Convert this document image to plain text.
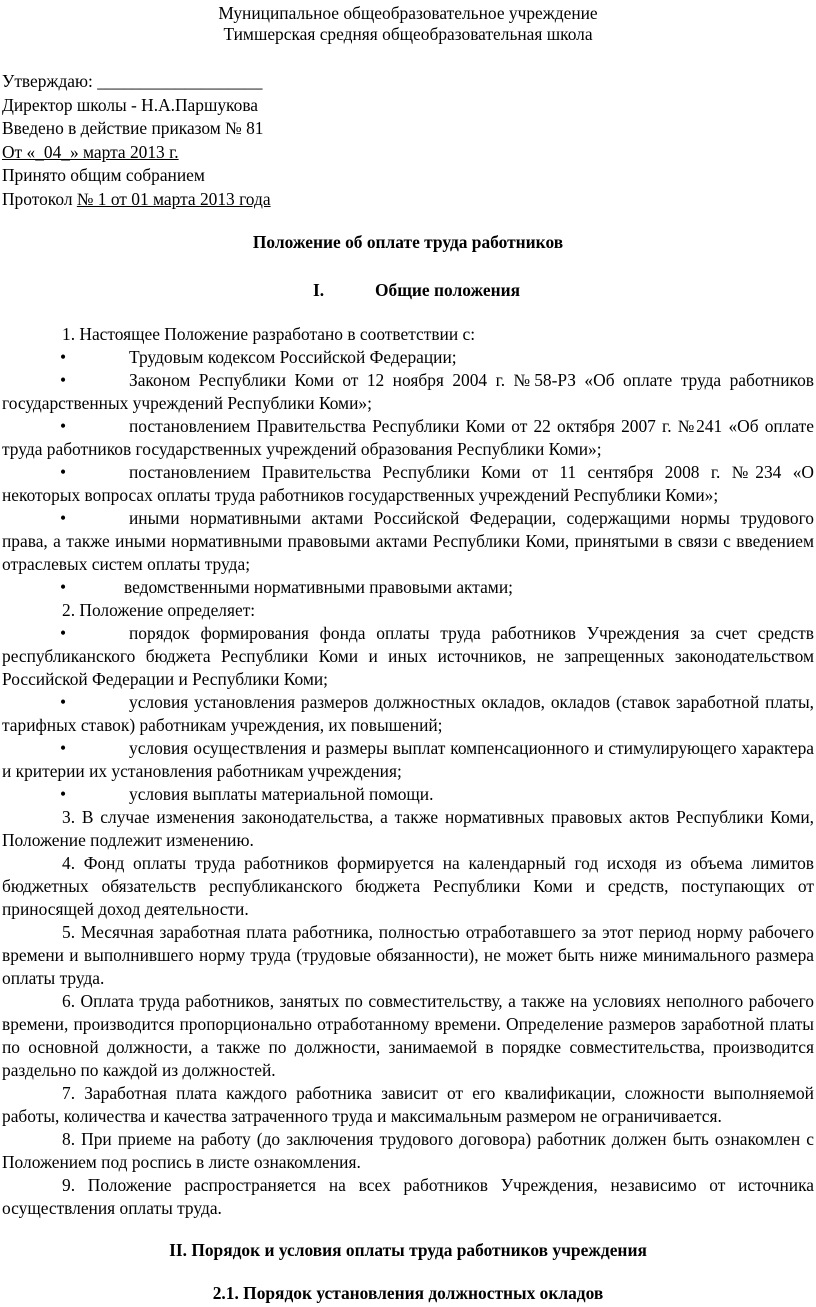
Муниципальное общеобразовательное учреждение
Тимшерская средняя общеобразовательная школа
Утверждаю: ___________________
Директор школы - Н.А.Паршукова
Введено в действие приказом № 81
От «_04_» марта 2013 г.
Принято общим собранием
Протокол № 1 от 01 марта 2013 года
Положение об оплате труда работников
I.	Общие положения

1. Настоящее Положение разработано в соответствии с:

•	Трудовым кодексом Российской Федерации;

•	Законом Республики Коми от 12 ноября 2004 г. №58-РЗ «Об оплате труда работников государственных учреждений Республики Коми»;

•	постановлением Правительства Республики Коми от 22 октября 2007 г. №241 «Об оплате труда работников государственных учреждений образования Республики Коми»;

•	постановлением Правительства Республики Коми от 11 сентября 2008 г. №234 «О некоторых вопросах оплаты труда работников государственных учреждений Республики Коми»;

•	иными нормативными актами Российской Федерации, содержащими нормы трудового права, а также иными нормативными правовыми актами Республики Коми, принятыми в связи с введением отраслевых систем оплаты труда;

•	ведомственными нормативными правовыми актами;

2. Положение определяет:

•	порядок формирования фонда оплаты труда работников Учреждения за счет средств республиканского бюджета Республики Коми и иных источников, не запрещенных законодательством Российской Федерации и Республики Коми;

•	условия установления размеров должностных окладов, окладов (ставок заработной платы, тарифных ставок) работникам учреждения, их повышений;

•	условия осуществления и размеры выплат компенсационного и стимулирующего характера и критерии их установления работникам учреждения;

•	условия выплаты материальной помощи.

3. В случае изменения законодательства, а также нормативных правовых актов Республики Коми, Положение подлежит изменению.

4. Фонд оплаты труда работников формируется на календарный год исходя из объема лимитов бюджетных обязательств республиканского бюджета Республики Коми и средств, поступающих от приносящей доход деятельности.

5. Месячная заработная плата работника, полностью отработавшего за этот период норму рабочего времени и выполнившего норму труда (трудовые обязанности), не может быть ниже минимального размера оплаты труда.

6. Оплата труда работников, занятых по совместительству, а также на условиях неполного рабочего времени, производится пропорционально отработанному времени. Определение размеров заработной платы по основной должности, а также по должности, занимаемой в порядке совместительства, производится раздельно по каждой из должностей.

7. Заработная плата каждого работника зависит от его квалификации, сложности выполняемой работы, количества и качества затраченного труда и максимальным размером не ограничивается.

8. При приеме на работу (до заключения трудового договора) работник должен быть ознакомлен с Положением под роспись в листе ознакомления.

9. Положение распространяется на всех работников Учреждения, независимо от источника осуществления оплаты труда.

II. Порядок и условия оплаты труда работников учреждения
2.1. Порядок установления должностных окладов
